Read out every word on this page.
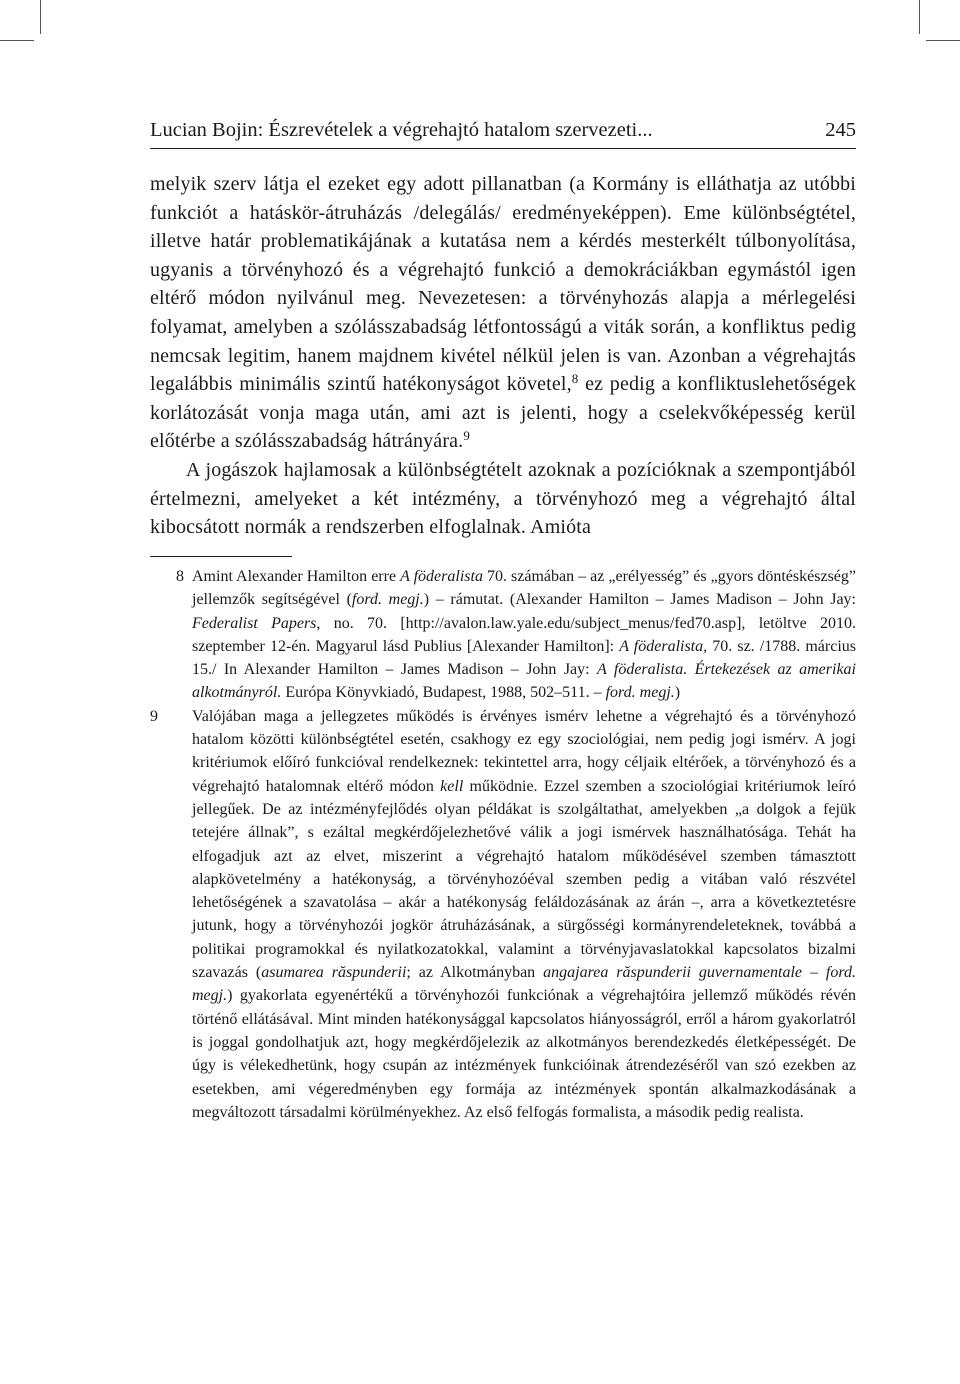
Lucian Bojin: Észrevételek a végrehajtó hatalom szervezeti...	245

melyik szerv látja el ezeket egy adott pillanatban (a Kormány is elláthatja az utóbbi funkciót a hatáskör-átruházás /delegálás/ eredményeképpen). Eme különbségtétel, illetve határ problematikájának a kutatása nem a kérdés mesterkélt túlbonyolítása, ugyanis a törvényhozó és a végrehajtó funkció a demokráciákban egymástól igen eltérő módon nyilvánul meg. Nevezetesen: a törvényhozás alapja a mérlegelési folyamat, amelyben a szólásszabadság létfontosságú a viták során, a konfliktus pedig nemcsak legitim, hanem majdnem kivétel nélkül jelen is van. Azonban a végrehajtás legalábbis minimális szintű hatékonyságot követel,$^8$ ez pedig a konfliktuslehetőségek korlátozását vonja maga után, ami azt is jelenti, hogy a cselekvőképesség kerül előtérbe a szólásszabadság hátrányára.$^9$

A jogászok hajlamosak a különbségtételt azoknak a pozícióknak a szempontjából értelmezni, amelyeket a két intézmény, a törvényhozó meg a végrehajtó által kibocsátott normák a rendszerben elfoglalnak. Amióta

8 Amint Alexander Hamilton erre A föderalista 70. számában – az „erélyesség” és „gyors döntéskészség” jellemzők segítségével (ford. megj.) – rámutat. (Alexander Hamilton – James Madison – John Jay: Federalist Papers, no. 70. [http://avalon.law.yale.edu/subject_menus/fed70.asp], letöltve 2010. szeptember 12-én. Magyarul lásd Publius [Alexander Hamilton]: A föderalista, 70. sz. /1788. március 15./ In Alexander Hamilton – James Madison – John Jay: A föderalista. Értekezések az amerikai alkotmányról. Európa Könyvkiadó, Budapest, 1988, 502–511. – ford. megj.)
9	Valójában maga a jellegzetes működés is érvényes ismérv lehetne a végrehajtó és a törvényhozó hatalom közötti különbségtétel esetén, csakhogy ez egy szociológiai, nem pedig jogi ismérv. A jogi kritériumok előíró funkcióval rendelkeznek: tekintettel arra, hogy céljaik eltérőek, a törvényhozó és a végrehajtó hatalomnak eltérő módon kell működnie. Ezzel szemben a szociológiai kritériumok leíró jellegűek. De az intézményfejlődés olyan példákat is szolgáltathat, amelyekben „a dolgok a fejük tetejére állnak”, s ezáltal megkérdőjelezhetővé válik a jogi ismérvek használhatósága. Tehát ha elfogadjuk azt az elvet, miszerint a végrehajtó hatalom működésével szemben támasztott alapkövetelmény a hatékonyság, a törvényhozóéval szemben pedig a vitában való részvétel lehetőségének a szavatolása – akár a hatékonyság feláldozásának az árán –, arra a következtetésre jutunk, hogy a törvényhozói jogkör átruházásának, a sürgősségi kormányrendeleteknek, továbbá a politikai programokkal és nyilatkozatokkal, valamint a törvényjavaslatokkal kapcsolatos bizalmi szavazás (asumarea răspunderii; az Alkotmányban angajarea răspunderii guvernamentale – ford. megj.) gyakorlata egyenértékű a törvényhozói funkciónak a végrehajtóira jellemző működés révén történő ellátásával. Mint minden hatékonysággal kapcsolatos hiányosságról, erről a három gyakorlatról is joggal gondolhatjuk azt, hogy megkérdőjelezik az alkotmányos berendezkedés életképességét. De úgy is vélekedhetünk, hogy csupán az intézmények funkcióinak átrendezéséről van szó ezekben az esetekben, ami végeredményben egy formája az intézmények spontán alkalmazkodásának a megváltozott társadalmi körülményekhez. Az első felfogás formalista, a második pedig realista.
